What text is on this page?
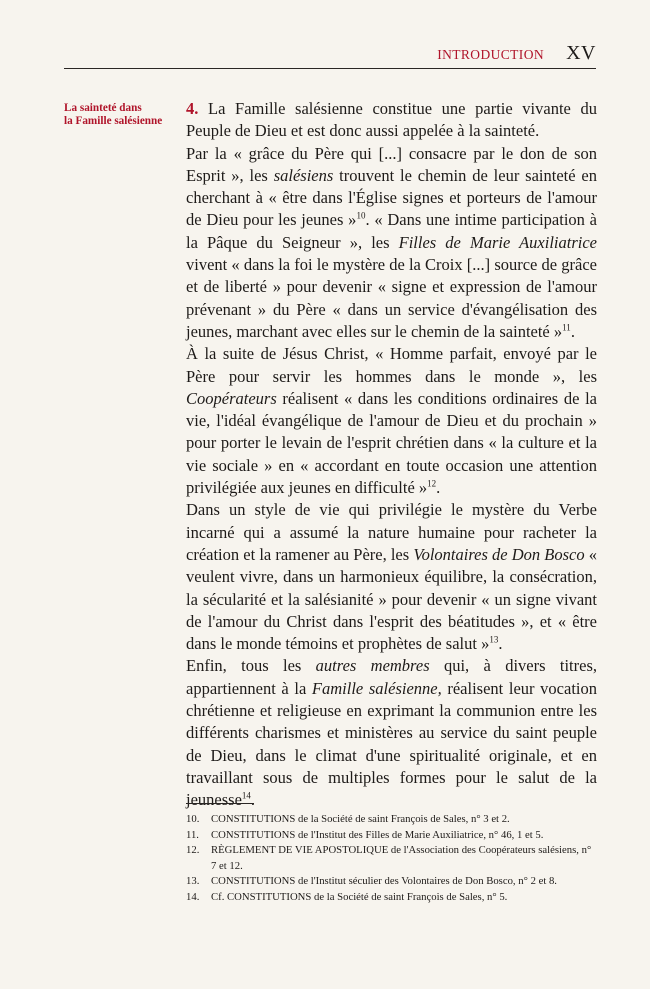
INTRODUCTION XV
La sainteté dans
la Famille salésienne

4. La Famille salésienne constitue une partie vivante du Peuple de Dieu et est donc aussi appelée à la sainteté.

Par la « grâce du Père qui [...] consacre par le don de son Esprit », les salésiens trouvent le chemin de leur sainteté en cherchant à « être dans l'Église signes et porteurs de l'amour de Dieu pour les jeunes »$^{10}$. « Dans une intime participation à la Pâque du Seigneur », les Filles de Marie Auxiliatrice vivent « dans la foi le mystère de la Croix [...] source de grâce et de liberté » pour devenir « signe et expression de l'amour prévenant » du Père « dans un service d'évangélisation des jeunes, marchant avec elles sur le chemin de la sainteté »$^{11}$.

À la suite de Jésus Christ, « Homme parfait, envoyé par le Père pour servir les hommes dans le monde », les Coopérateurs réalisent « dans les conditions ordinaires de la vie, l'idéal évangélique de l'amour de Dieu et du prochain » pour porter le levain de l'esprit chrétien dans « la culture et la vie sociale » en « accordant en toute occasion une attention privilégiée aux jeunes en difficulté »$^{12}$.

Dans un style de vie qui privilégie le mystère du Verbe incarné qui a assumé la nature humaine pour racheter la création et la ramener au Père, les Volontaires de Don Bosco « veulent vivre, dans un harmonieux équilibre, la consécration, la sécularité et la salésianité » pour devenir « un signe vivant de l'amour du Christ dans l'esprit des béatitudes », et « être dans le monde témoins et prophètes de salut »$^{13}$.

Enfin, tous les autres membres qui, à divers titres, appartiennent à la Famille salésienne, réalisent leur vocation chrétienne et religieuse en exprimant la communion entre les différents charismes et ministères au service du saint peuple de Dieu, dans le climat d'une spiritualité originale, et en travaillant sous de multiples formes pour le salut de la jeunesse$^{14}$.

10. CONSTITUTIONS de la Société de saint François de Sales, n° 3 et 2.
11. CONSTITUTIONS de l'Institut des Filles de Marie Auxiliatrice, n° 46, 1 et 5.
12. RÈGLEMENT DE VIE APOSTOLIQUE de l'Association des Coopérateurs salésiens, n° 7 et 12.
13. CONSTITUTIONS de l'Institut séculier des Volontaires de Don Bosco, n° 2 et 8.
14. Cf. CONSTITUTIONS de la Société de saint François de Sales, n° 5.
